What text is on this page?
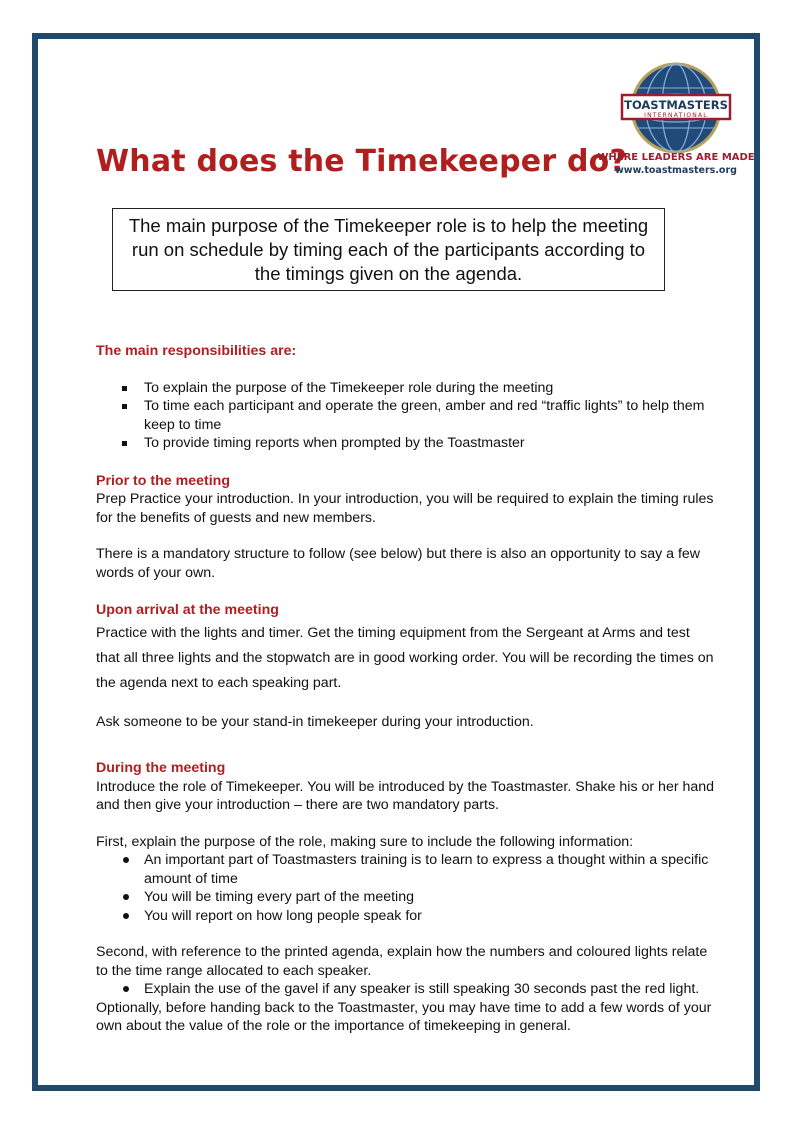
What does the Timekeeper do?
TOASTMASTERS
INTERNATIONAL
WHERE LEADERS ARE MADE
www.toastmasters.org
The main purpose of the Timekeeper role is to help the meeting run on schedule by timing each of the participants according to the timings given on the agenda.
The main responsibilities are:
To explain the purpose of the Timekeeper role during the meeting
To time each participant and operate the green, amber and red “traffic lights” to help them keep to time
To provide timing reports when prompted by the Toastmaster
Prior to the meeting

Prep Practice your introduction. In your introduction, you will be required to explain the timing rules for the benefits of guests and new members.

There is a mandatory structure to follow (see below) but there is also an opportunity to say a few words of your own.

Upon arrival at the meeting

Practice with the lights and timer. Get the timing equipment from the Sergeant at Arms and test that all three lights and the stopwatch are in good working order. You will be recording the times on the agenda next to each speaking part.

Ask someone to be your stand-in timekeeper during your introduction.

During the meeting

Introduce the role of Timekeeper. You will be introduced by the Toastmaster. Shake his or her hand and then give your introduction – there are two mandatory parts.

First, explain the purpose of the role, making sure to include the following information:

An important part of Toastmasters training is to learn to express a thought within a specific amount of time
You will be timing every part of the meeting
You will report on how long people speak for

Second, with reference to the printed agenda, explain how the numbers and coloured lights relate to the time range allocated to each speaker.

Explain the use of the gavel if any speaker is still speaking 30 seconds past the red light.

Optionally, before handing back to the Toastmaster, you may have time to add a few words of your own about the value of the role or the importance of timekeeping in general.
